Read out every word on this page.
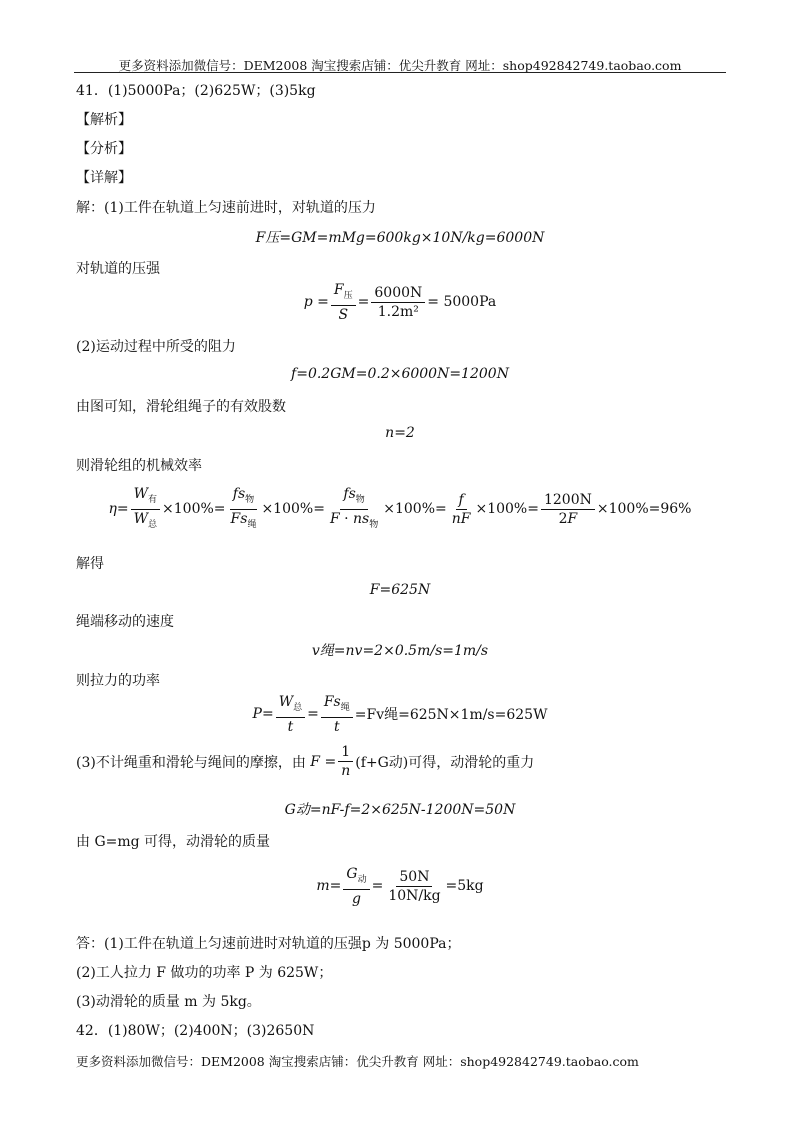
更多资料添加微信号：DEM2008 淘宝搜索店铺：优尖升教育 网址：shop492842749.taobao.com
41．(1)5000Pa；(2)625W；(3)5kg
【解析】
【分析】
【详解】
解：(1)工件在轨道上匀速前进时，对轨道的压力
F压=GM=mMg=600kg×10N/kg=6000N
对轨道的压强
$p = \frac{F_压}{S} = \frac{6000N}{\text{1.2m²}} = 5000Pa$
(2)运动过程中所受的阻力
f=0.2GM=0.2×6000N=1200N
由图可知，滑轮组绳子的有效股数
n=2
则滑轮组的机械效率
$\eta = \frac{W_有}{W_总} \times 100\%= \frac{fs_物}{Fs_绳} \times 100\%= \frac{fs_物}{F \cdot ns_物} \times 100\%= \frac{f}{nF} \times 100\%= \frac{1200N}{2F} \times 100\%=96\%$
解得
F=625N
绳端移动的速度
v绳=nv=2×0.5m/s=1m/s
则拉力的功率
$P = \frac{W_总}{t} = \frac{Fs_绳}{t} =Fv$绳=625N×1m/s=625W
(3)不计绳重和滑轮与绳间的摩擦，由
$F = \frac{1}{n} (f+G$动)可得，动滑轮的重力
G动=nF-f=2×625N-1200N=50N
由 G=mg 可得，动滑轮的质量
$m = \frac{G_动}{g} = \frac{50N}{10N/kg} =5kg$
答：(1)工件在轨道上匀速前进时对轨道的压强p 为 5000Pa；
(2)工人拉力 F 做功的功率 P 为 625W；
(3)动滑轮的质量 m 为 5kg。
42．(1)80W；(2)400N；(3)2650N
更多资料添加微信号：DEM2008 淘宝搜索店铺：优尖升教育 网址：shop492842749.taobao.com
